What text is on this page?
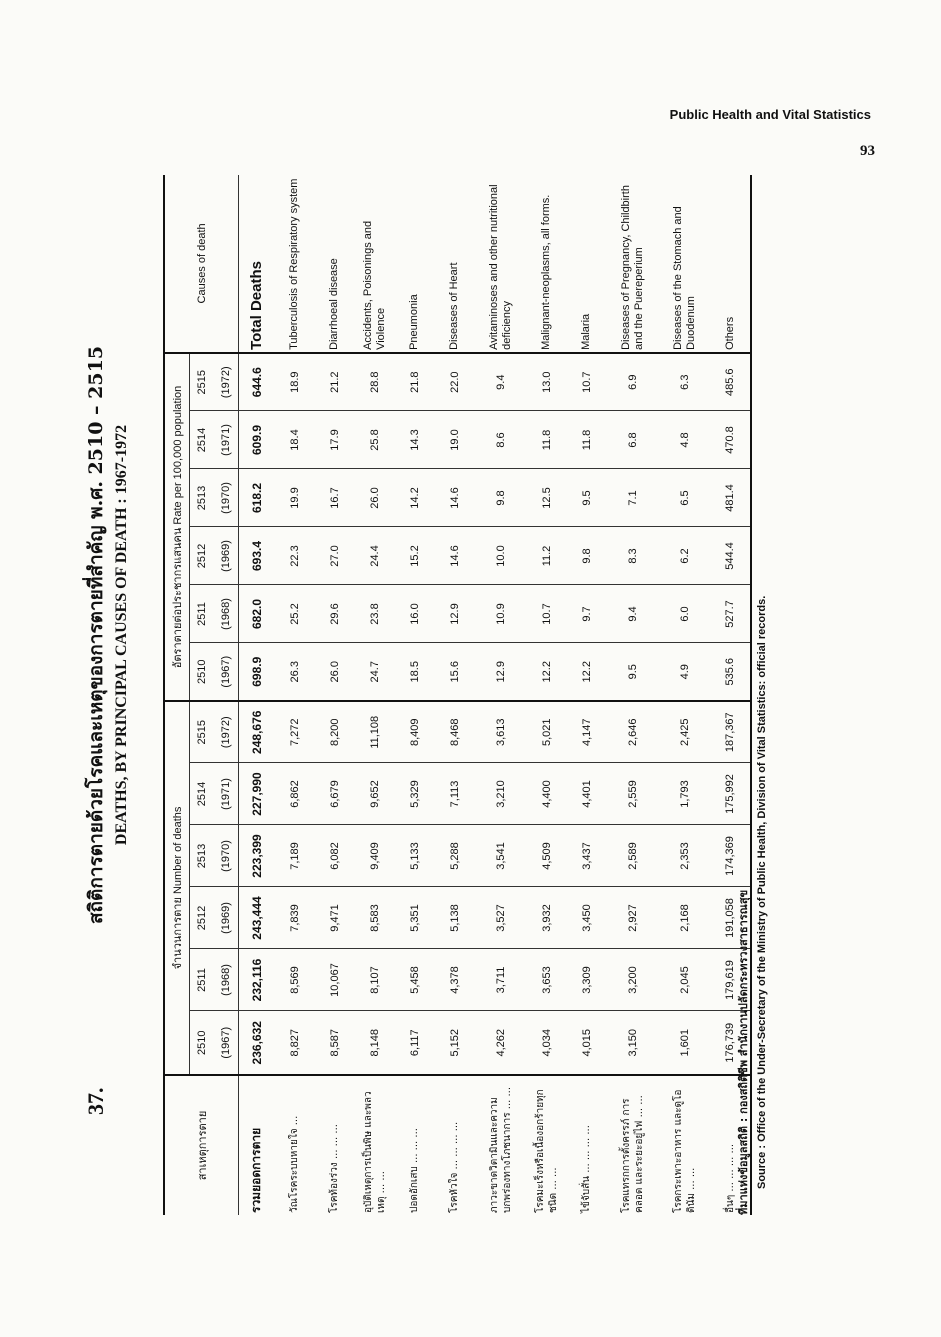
Public Health and Vital Statistics
93
37.
สถิติการตายด้วยโรคและเหตุของการตายที่สำคัญ พ.ศ. 2510 – 2515 DEATHS, BY PRINCIPAL CAUSES OF DEATH : 1967-1972
สาเหตุการตาย	จำนวนการตาย Number of deaths						อัตราตายต่อประชากรแสนคน Rate per 100,000 population						Causes of death
	2510	2511	2512	2513	2514	2515	2510	2511	2512	2513	2514	2515	
	(1967)	(1968)	(1969)	(1970)	(1971)	(1972)	(1967)	(1968)	(1969)	(1970)	(1971)	(1972)	
รวมยอดการตาย	236,632	232,116	243,444	223,399	227,990	248,676	698.9	682.0	693.4	618.2	609.9	644.6	Total Deaths
วัณโรคระบบหายใจ ...	8,827	8,569	7,839	7,189	6,862	7,272	26.3	25.2	22.3	19.9	18.4	18.9	Tuberculosis of Respiratory system
โรคท้องร่วง ... ... ...	8,587	10,067	9,471	6,082	6,679	8,200	26.0	29.6	27.0	16.7	17.9	21.2	Diarrhoeal disease
อุบัติเหตุการเป็นพิษ และพลวเหตุ ... ...	8,148	8,107	8,583	9,409	9,652	11,108	24.7	23.8	24.4	26.0	25.8	28.8	Accidents, Poisonings and Violence
ปอดอักเสบ ... ... ...	6,117	5,458	5,351	5,133	5,329	8,409	18.5	16.0	15.2	14.2	14.3	21.8	Pneumonia
โรคหัวใจ ... ... ... ...	5,152	4,378	5,138	5,288	7,113	8,468	15.6	12.9	14.6	14.6	19.0	22.0	Diseases of Heart
ภาวะขาดวิตามินและความบกพร่องทางโภชนาการ ... ...	4,262	3,711	3,527	3,541	3,210	3,613	12.9	10.9	10.0	9.8	8.6	9.4	Avitaminoses and other nutritional deficiency
โรคมะเร็งหรือเนื้องอกร้ายทุกชนิด ... ...	4,034	3,653	3,932	4,509	4,400	5,021	12.2	10.7	11.2	12.5	11.8	13.0	Malignant-neoplasms, all forms.
ไข้จับสั่น ... ... ... ...	4,015	3,309	3,450	3,437	4,401	4,147	12.2	9.7	9.8	9.5	11.8	10.7	Malaria
โรคแทรกการตั้งครรภ์ การคลอด และระยะอยู่ไฟ ... ...	3,150	3,200	2,927	2,589	2,559	2,646	9.5	9.4	8.3	7.1	6.8	6.9	Diseases of Pregnancy, Childbirth and the Puereperium
โรคกระเพาะอาหาร และดูโอดินัม ... ...	1,601	2,045	2,168	2,353	1,793	2,425	4.9	6.0	6.2	6.5	4.8	6.3	Diseases of the Stomach and Duodenum
อื่นๆ ... ... ... ...	176,739	179,619	191,058	174,369	175,992	187,367	535.6	527.7	544.4	481.4	470.8	485.6	Others
ที่มาแห่งข้อมูลสถิติ : กองสถิติชีพ สำนักงานปลัดกระทรวงสาธารณสุข Source : Office of the Under-Secretary of the Ministry of Public Health, Division of Vital Statistics: official records.
